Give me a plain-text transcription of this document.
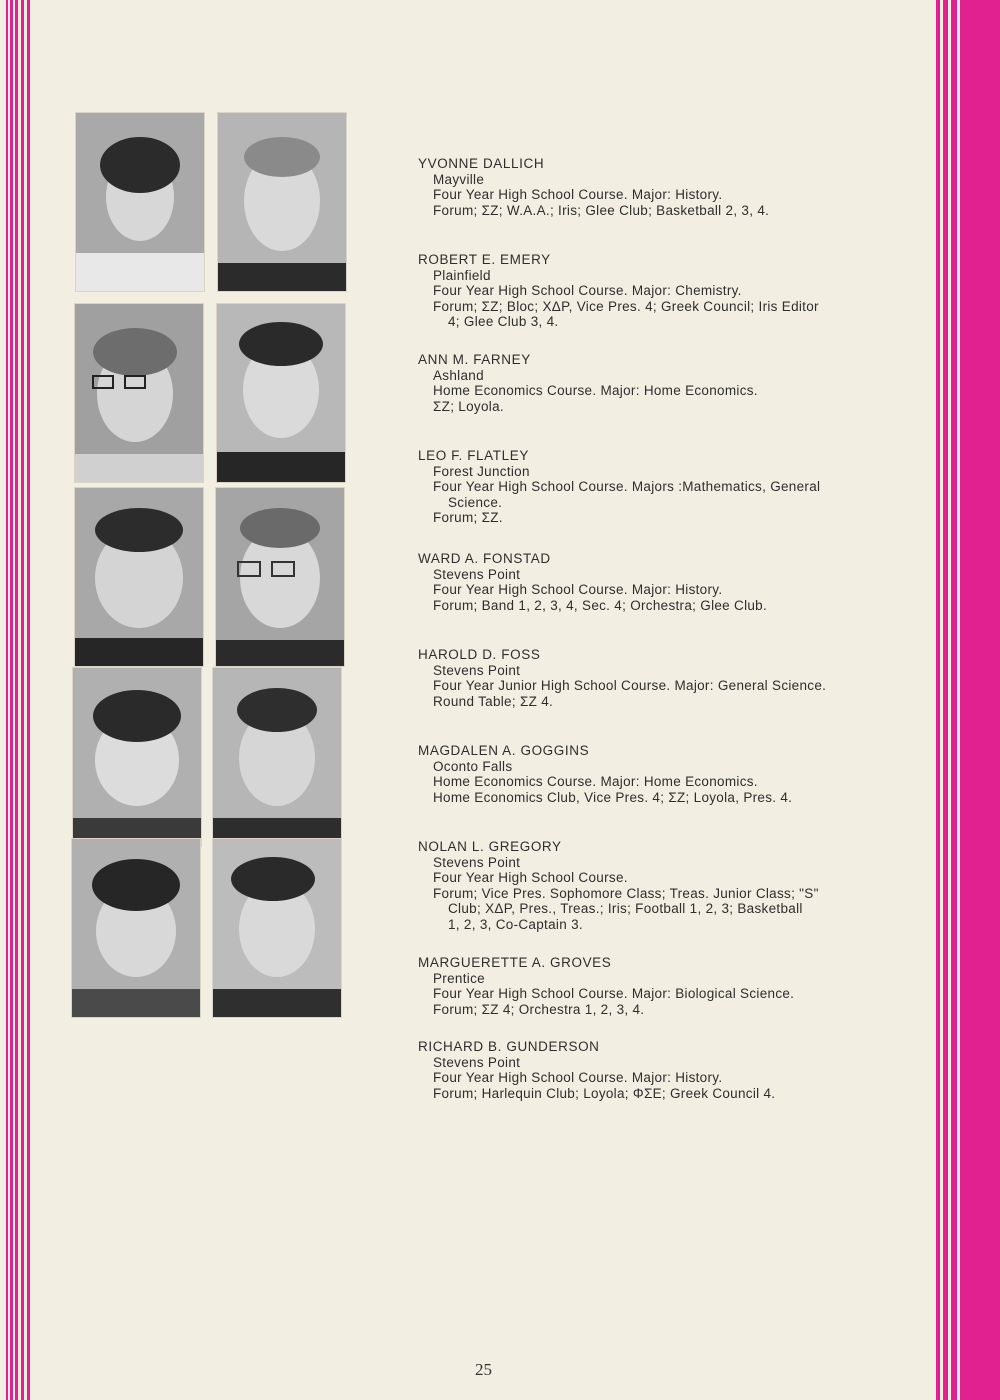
YVONNE DALLICH
Mayville
Four Year High School Course. Major: History.
Forum; ΣZ; W.A.A.; Iris; Glee Club; Basketball 2, 3, 4.
ROBERT E. EMERY
Plainfield
Four Year High School Course. Major: Chemistry.
Forum; ΣZ; Bloc; XΔP, Vice Pres. 4; Greek Council; Iris Editor
4; Glee Club 3, 4.
ANN M. FARNEY
Ashland
Home Economics Course. Major: Home Economics.
ΣZ; Loyola.
LEO F. FLATLEY
Forest Junction
Four Year High School Course. Majors :Mathematics, General
Science.
Forum; ΣZ.
WARD A. FONSTAD
Stevens Point
Four Year High School Course. Major: History.
Forum; Band 1, 2, 3, 4, Sec. 4; Orchestra; Glee Club.
HAROLD D. FOSS
Stevens Point
Four Year Junior High School Course. Major: General Science.
Round Table; ΣZ 4.
MAGDALEN A. GOGGINS
Oconto Falls
Home Economics Course. Major: Home Economics.
Home Economics Club, Vice Pres. 4; ΣZ; Loyola, Pres. 4.
NOLAN L. GREGORY
Stevens Point
Four Year High School Course.
Forum; Vice Pres. Sophomore Class; Treas. Junior Class; "S"
Club; XΔP, Pres., Treas.; Iris; Football 1, 2, 3; Basketball
1, 2, 3, Co-Captain 3.
MARGUERETTE A. GROVES
Prentice
Four Year High School Course. Major: Biological Science.
Forum; ΣZ 4; Orchestra 1, 2, 3, 4.
RICHARD B. GUNDERSON
Stevens Point
Four Year High School Course. Major: History.
Forum; Harlequin Club; Loyola; ΦΣE; Greek Council 4.
25
